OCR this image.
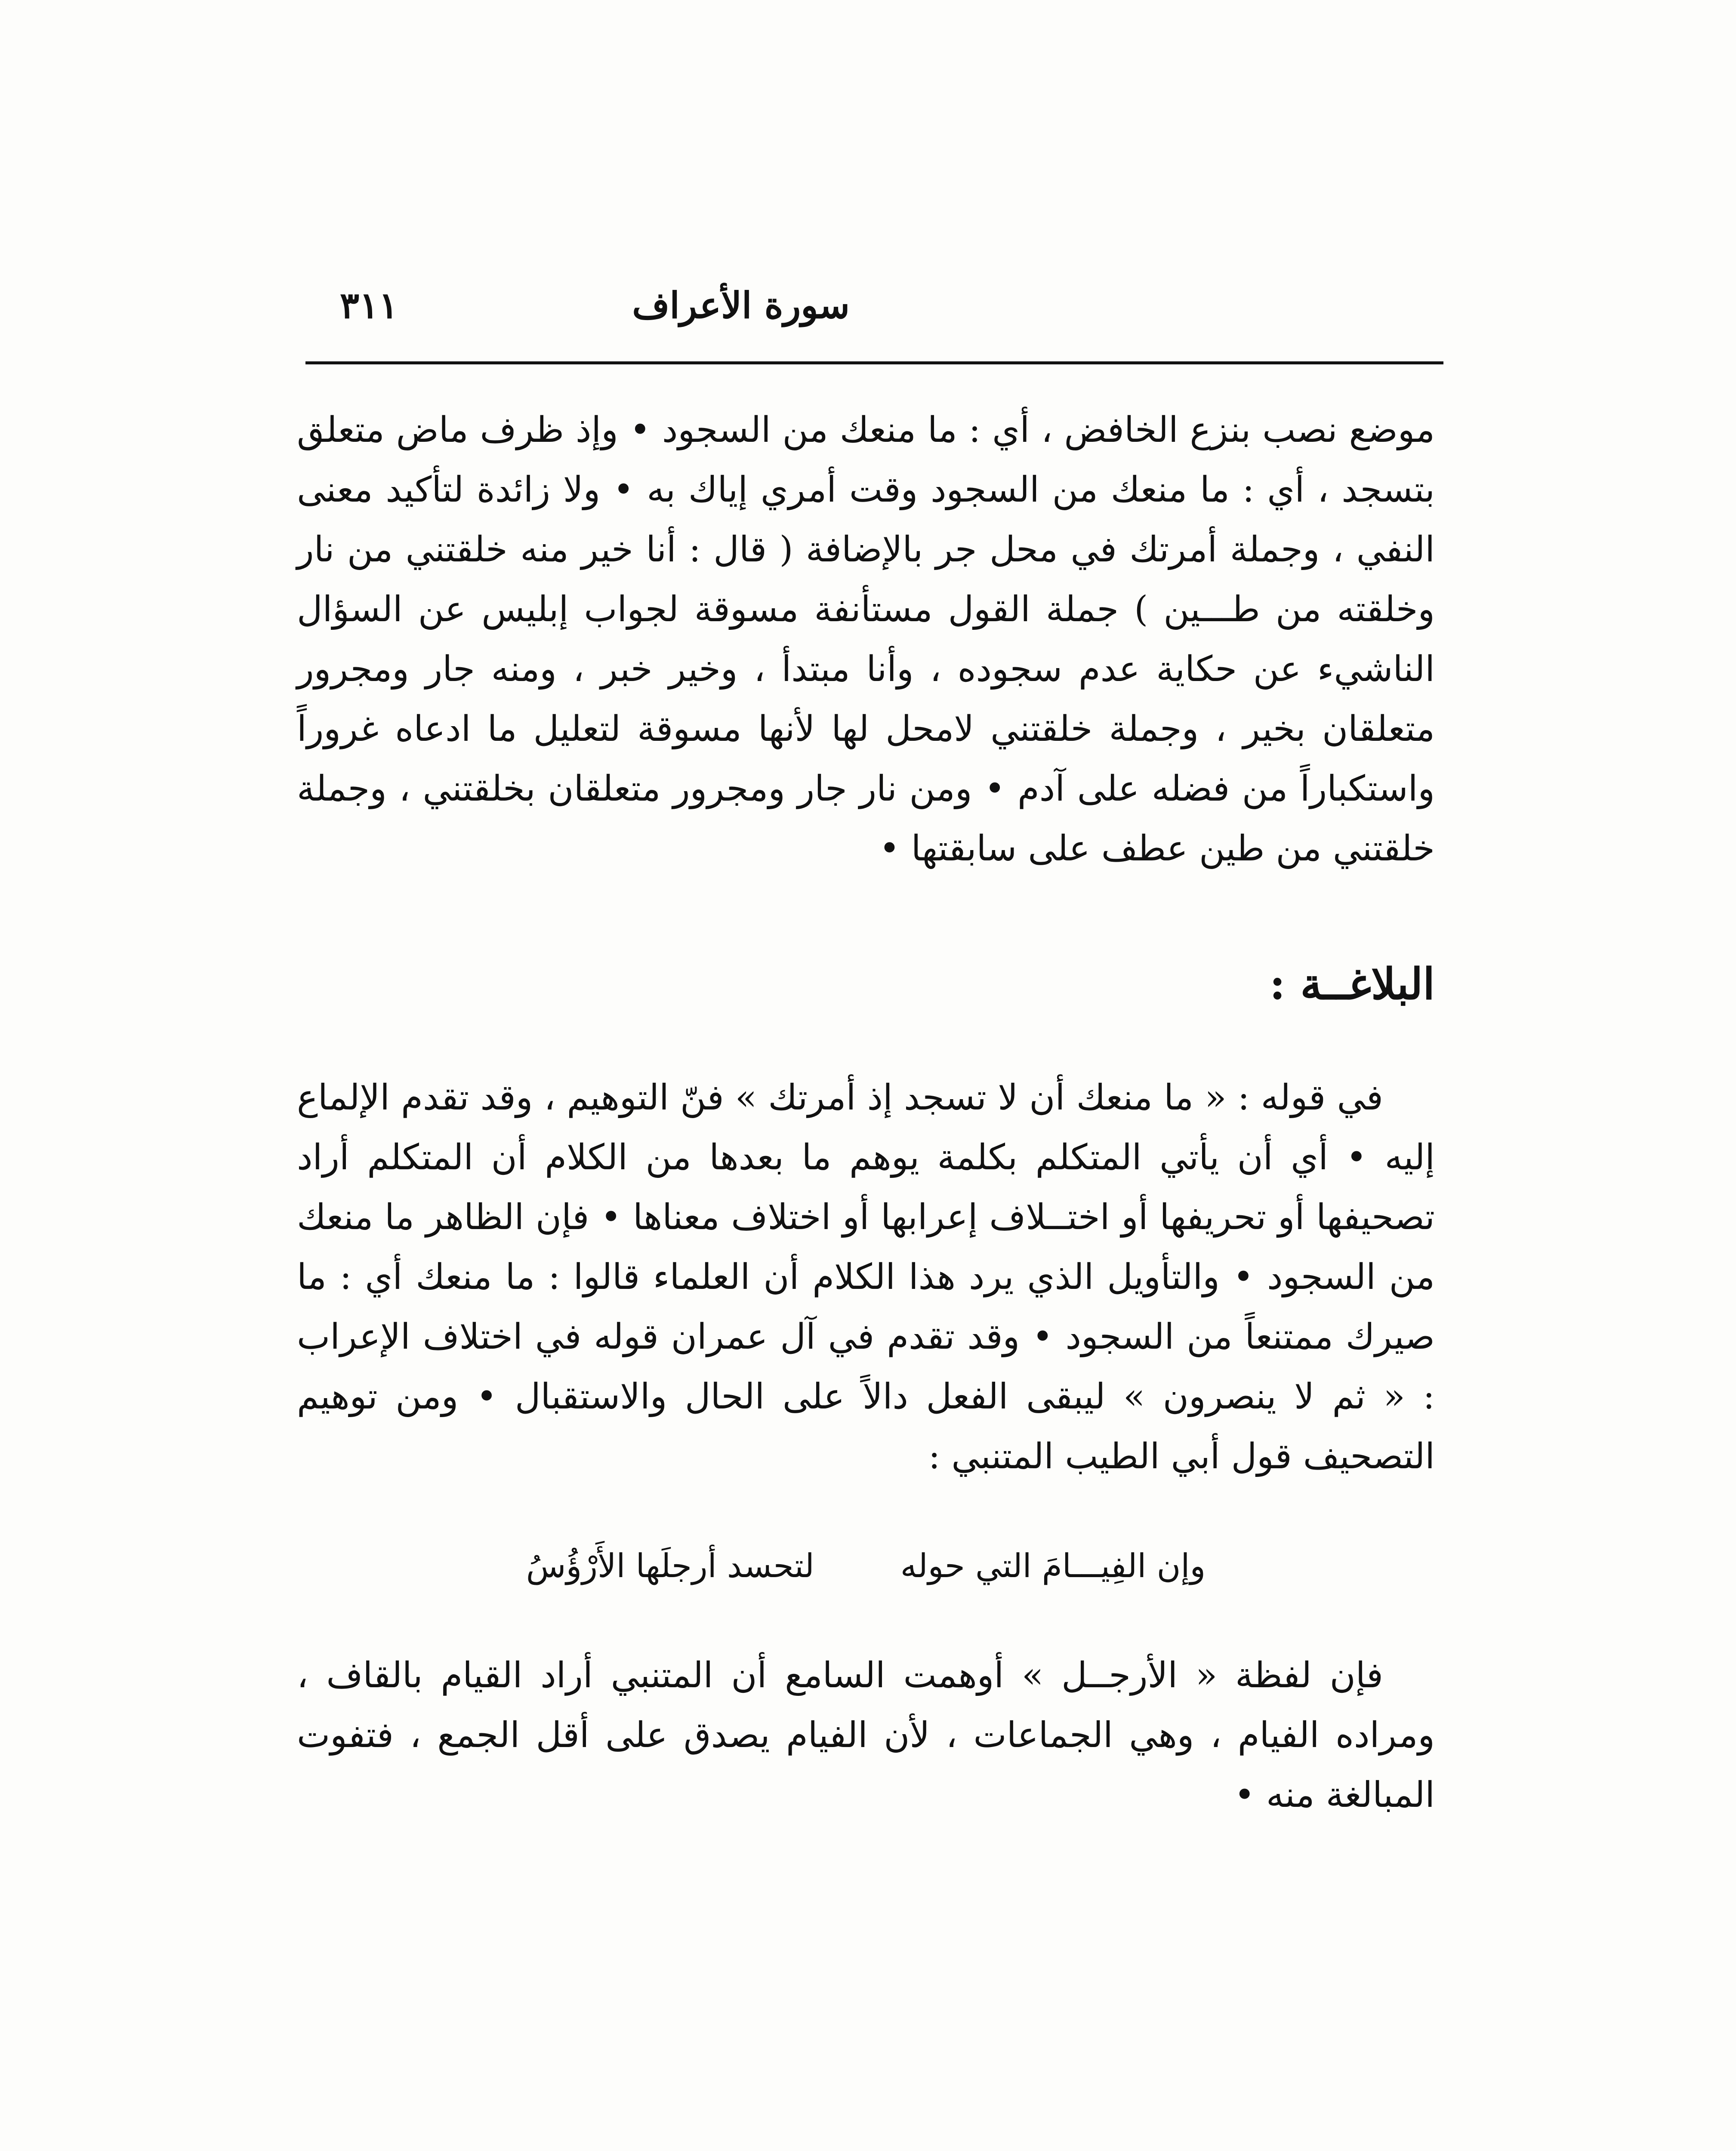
سورة الأعراف
٣١١

موضع نصب بنزع الخافض ، أي : ما منعك من السجود • وإذ ظرف ماض متعلق بتسجد ، أي : ما منعك من السجود وقت أمري إياك به • ولا زائدة لتأكيد معنى النفي ، وجملة أمرتك في محل جر بالإضافة ( قال : أنا خير منه خلقتني من نار وخلقته من طـــين ) جملة القول مستأنفة مسوقة لجواب إبليس عن السؤال الناشيء عن حكاية عدم سجوده ، وأنا مبتدأ ، وخير خبر ، ومنه جار ومجرور متعلقان بخير ، وجملة خلقتني لامحل لها لأنها مسوقة لتعليل ما ادعاه غروراً واستكباراً من فضله على آدم • ومن نار جار ومجرور متعلقان بخلقتني ، وجملة خلقتني من طين عطف على سابقتها •

البلاغــة :

في قوله : « ما منعك أن لا تسجد إذ أمرتك » فنّ التوهيم ، وقد تقدم الإلماع إليه • أي أن يأتي المتكلم بكلمة يوهم ما بعدها من الكلام أن المتكلم أراد تصحيفها أو تحريفها أو اختــلاف إعرابها أو اختلاف معناها • فإن الظاهر ما منعك من السجود • والتأويل الذي يرد هذا الكلام أن العلماء قالوا : ما منعك أي : ما صيرك ممتنعاً من السجود • وقد تقدم في آل عمران قوله في اختلاف الإعراب : « ثم لا ينصرون » ليبقى الفعل دالاً على الحال والاستقبال • ومن توهيم التصحيف قول أبي الطيب المتنبي :

وإن الفِيـــامَ التي حوله
لتحسد أرجلَها الأَرْؤُسُ

فإن لفظة « الأرجــل » أوهمت السامع أن المتنبي أراد القيام بالقاف ، ومراده الفيام ، وهي الجماعات ، لأن الفيام يصدق على أقل الجمع ، فتفوت المبالغة منه •
